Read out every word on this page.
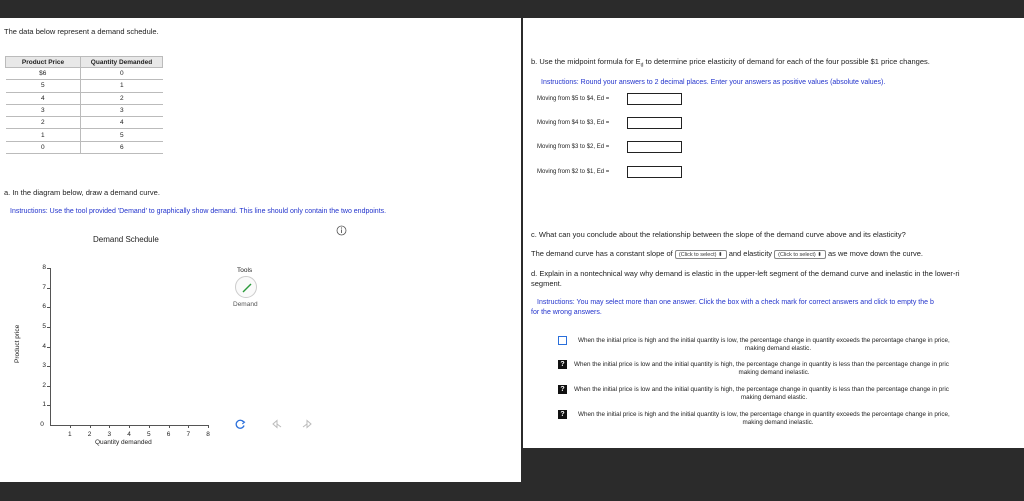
The data below represent a demand schedule.
Product Price	Quantity Demanded
$6	0
5	1
4	2
3	3
2	4
1	5
0	6
a. In the diagram below, draw a demand curve.
Instructions: Use the tool provided 'Demand' to graphically show demand. This line should only contain the two endpoints.
Demand Schedule
1
2
3
4
5
6
7
8
0
1	2	3	4	5	6	7	8
Product price
Quantity demanded
Tools
Demand
b. Use the midpoint formula for $E_d$ to determine price elasticity of demand for each of the four possible $1 price changes.
Instructions: Round your answers to 2 decimal places. Enter your answers as positive values (absolute values).
Moving from $5 to $4, Ed =
Moving from $4 to $3, Ed =
Moving from $3 to $2, Ed =
Moving from $2 to $1, Ed =
c. What can you conclude about the relationship between the slope of the demand curve above and its elasticity?
The demand curve has a constant slope of (Click to select) ⬍ and elasticity (Click to select) ⬍ as we move down the curve.
d. Explain in a nontechnical way why demand is elastic in the upper-left segment of the demand curve and inelastic in the lower-ri
segment.
Instructions: You may select more than one answer. Click the box with a check mark for correct answers and click to empty the b
for the wrong answers.
When the initial price is high and the initial quantity is low, the percentage change in quantity exceeds the percentage change in price,
making demand elastic.
?	When the initial price is low and the initial quantity is high, the percentage change in quantity is less than the percentage change in pric
making demand inelastic.
?	When the initial price is low and the initial quantity is high, the percentage change in quantity is less than the percentage change in pric
making demand elastic.
?	When the initial price is high and the initial quantity is low, the percentage change in quantity exceeds the percentage change in price,
making demand inelastic.
